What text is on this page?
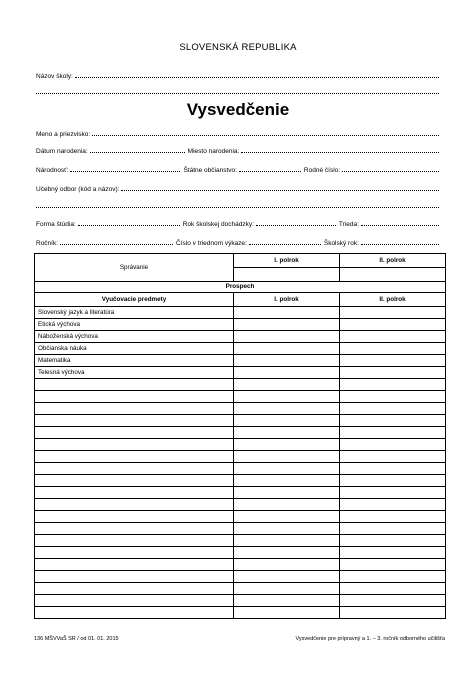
SLOVENSKÁ REPUBLIKA
Názov školy:
Vysvedčenie
Meno a priezvisko:
Dátum narodenia:	Miesto narodenia:
Národnosť:	Štátne občianstvo:	Rodné číslo:
Učebný odbor (kód a názov):
Forma štúdia:	Rok školskej dochádzky:	Trieda:
Ročník:	Číslo v triednom výkaze:	Školský rok:
Správanie	I. polrok	II. polrok

Prospech		
Vyučovacie predmety	I. polrok	II. polrok
Slovenský jazyk a literatúra		
Etická výchova		
Náboženská výchova		
Občianska náuka		
Matematika		
Telesná výchova		

136 MŠVVaŠ SR / od 01. 01. 2015	Vysvedčenie pre prípravný a 1. – 3. ročník odborného učilišťa
